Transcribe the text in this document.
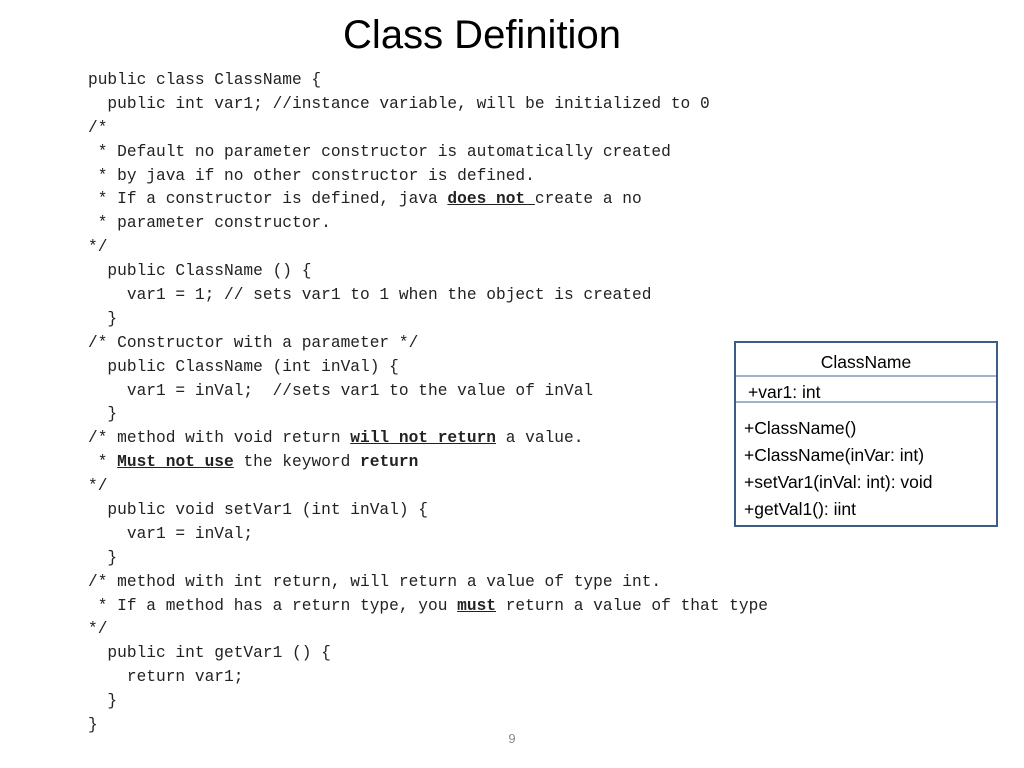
Class Definition
public class ClassName {
public int var1; //instance variable, will be initialized to 0
/*
* Default no parameter constructor is automatically created
* by java if no other constructor is defined.
* If a constructor is defined, java does not create a no
* parameter constructor.
*/
public ClassName () {
var1 = 1; // sets var1 to 1 when the object is created
}
/* Constructor with a parameter */
public ClassName (int inVal) {
var1 = inVal;  //sets var1 to the value of inVal
}
/* method with void return will not return a value.
* Must not use the keyword return
*/
public void setVar1 (int inVal) {
var1 = inVal;
}
/* method with int return, will return a value of type int.
* If a method has a return type, you must return a value of that type
*/
public int getVar1 () {
return var1;
}
}
ClassName
+var1: int
+ClassName()
+ClassName(inVar: int)
+setVar1(inVal: int): void
+getVal1(): iint
9
